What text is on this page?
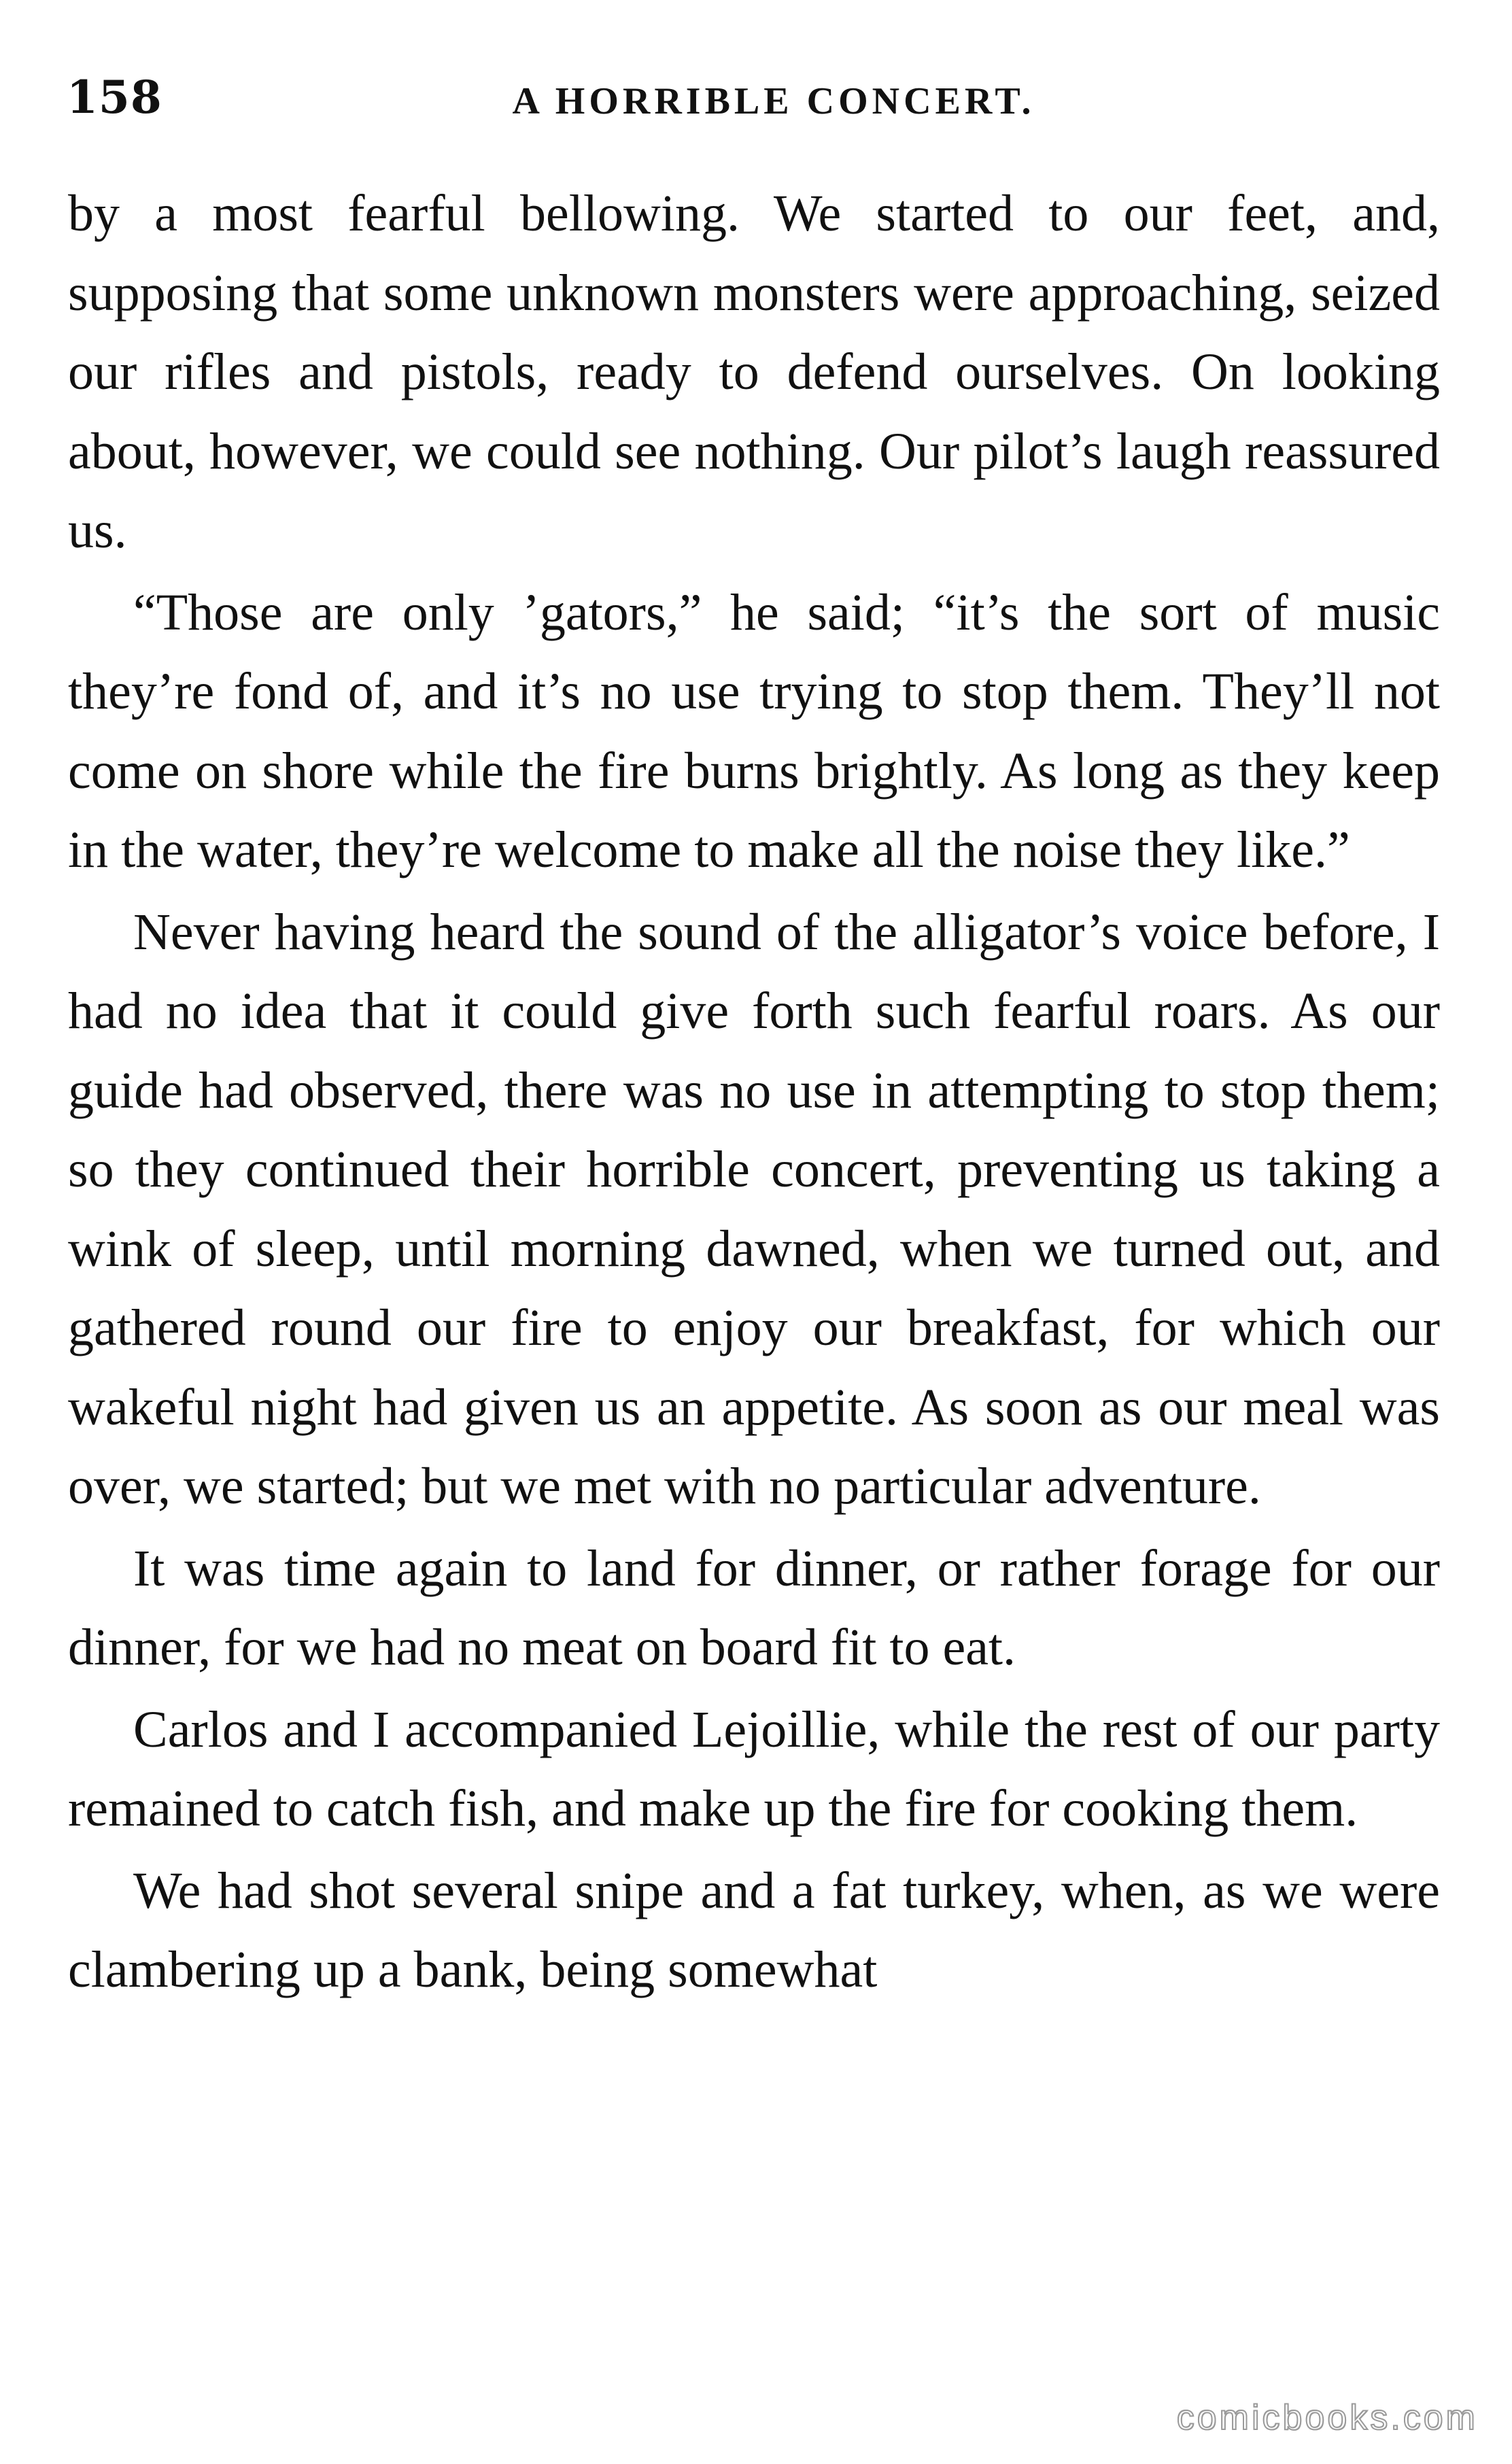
158	A HORRIBLE CONCERT.

by a most fearful bellowing. We started to our feet, and, supposing that some unknown monsters were approaching, seized our rifles and pistols, ready to defend ourselves. On looking about, however, we could see nothing. Our pilot’s laugh reassured us.

“Those are only ’gators,” he said; “it’s the sort of music they’re fond of, and it’s no use trying to stop them. They’ll not come on shore while the fire burns brightly. As long as they keep in the water, they’re welcome to make all the noise they like.”

Never having heard the sound of the alligator’s voice before, I had no idea that it could give forth such fearful roars. As our guide had observed, there was no use in attempting to stop them; so they continued their horrible concert, preventing us taking a wink of sleep, until morning dawned, when we turned out, and gathered round our fire to enjoy our breakfast, for which our wakeful night had given us an appetite. As soon as our meal was over, we started; but we met with no particular adventure.

It was time again to land for dinner, or rather forage for our dinner, for we had no meat on board fit to eat.

Carlos and I accompanied Lejoillie, while the rest of our party remained to catch fish, and make up the fire for cooking them.

We had shot several snipe and a fat turkey, when, as we were clambering up a bank, being somewhat

comicbooks.com
